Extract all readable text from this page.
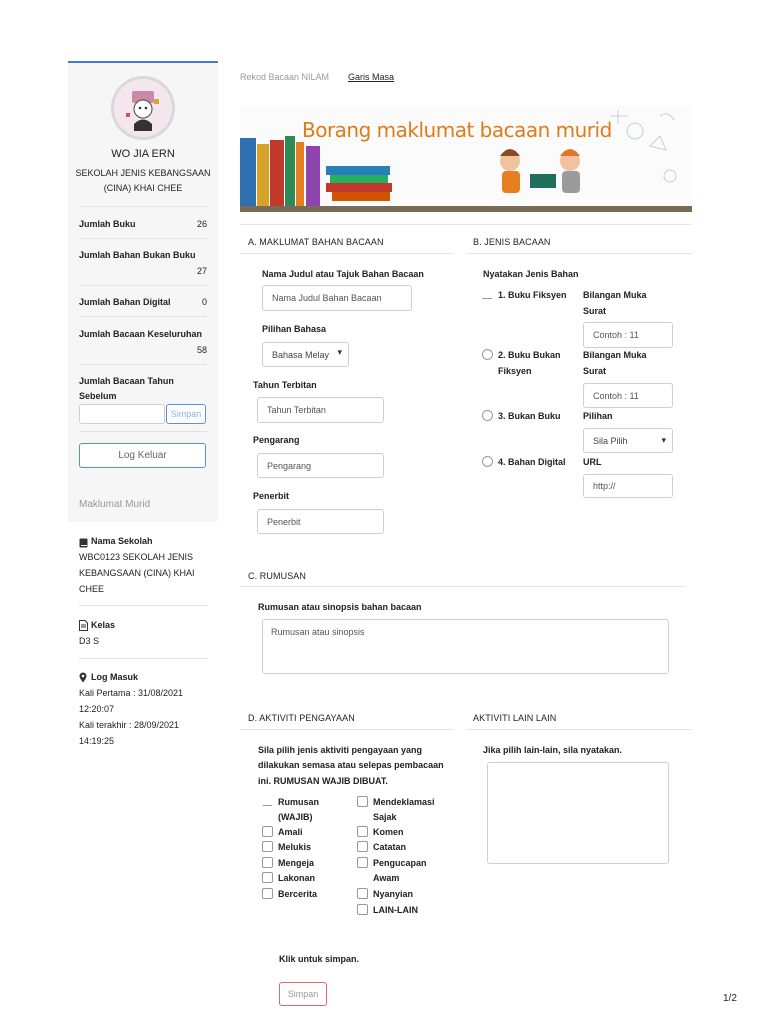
WO JIA ERN
SEKOLAH JENIS KEBANGSAAN
(CINA) KHAI CHEE
Jumlah Buku	26
Jumlah Bahan Bukan Buku
27
Jumlah Bahan Digital	0
Jumlah Bacaan Keseluruhan
58
Jumlah Bacaan Tahun
Sebelum
Simpan
Log Keluar
Maklumat Murid
Nama Sekolah
WBC0123 SEKOLAH JENIS
KEBANGSAAN (CINA) KHAI
CHEE
Kelas
D3 S
Log Masuk
Kali Pertama : 31/08/2021
12:20:07
Kali terakhir : 28/09/2021
14:19:25
Rekod Bacaan NILAM Garis Masa
Borang maklumat bacaan murid
A. MAKLUMAT BAHAN BACAAN
Nama Judul atau Tajuk Bahan Bacaan
Nama Judul Bahan Bacaan
Pilihan Bahasa
Bahasa Melay ▾
Tahun Terbitan
Tahun Terbitan
Pengarang
Pengarang
Penerbit
Penerbit
B. JENIS BACAAN
Nyatakan Jenis Bahan
1. Buku Fiksyen Bilangan Muka
Surat
Contoh : 11
2. Buku Bukan
Fiksyen
Bilangan Muka
Surat
Contoh : 11
3. Bukan Buku Pilihan
Sila Pilih	▾
4. Bahan Digital URL
http://
C. RUMUSAN
Rumusan atau sinopsis bahan bacaan
Rumusan atau sinopsis
D. AKTIVITI PENGAYAAN
Sila pilih jenis aktiviti pengayaan yang
dilakukan semasa atau selepas pembacaan
ini. RUMUSAN WAJIB DIBUAT.
Rumusan
(WAJIB)
Amali
Melukis
Mengeja
Lakonan
Bercerita
Mendeklamasi
Sajak
Komen
Catatan
Pengucapan
Awam
Nyanyian
LAIN-LAIN
AKTIVITI LAIN LAIN
Jika pilih lain-lain, sila nyatakan.
Klik untuk simpan.
Simpan	1/2
